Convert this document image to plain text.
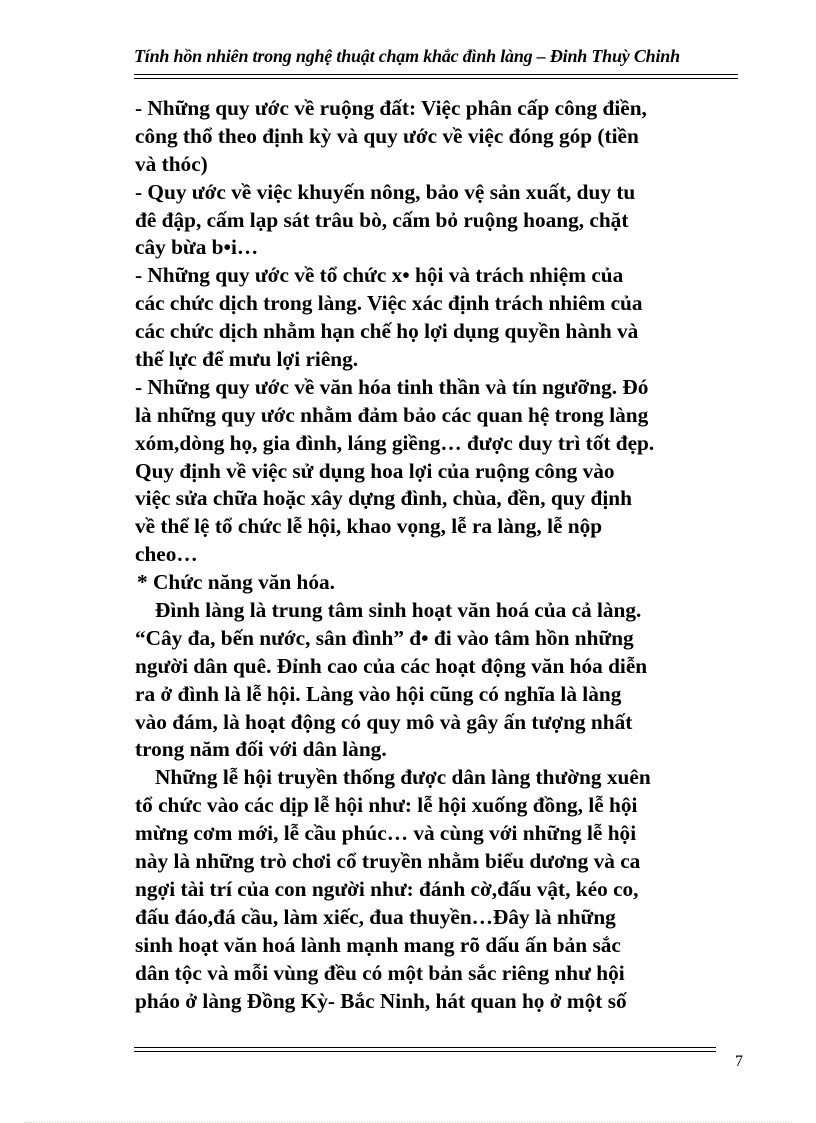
Tính hồn nhiên trong nghệ thuật chạm khắc đình làng – Đinh Thuỳ Chinh
- Những quy ước về ruộng đất: Việc phân cấp công điền,
công thổ theo định kỳ và quy ước về việc đóng góp (tiền
và thóc)
- Quy ước về việc khuyến nông, bảo vệ sản xuất, duy tu
đê đập, cấm lạp sát trâu bò, cấm bỏ ruộng hoang, chặt
cây bừa b•i…
- Những quy ước về tổ chức x• hội và trách nhiệm của
các chức dịch trong làng. Việc xác định trách nhiêm của
các chức dịch nhằm hạn chế họ lợi dụng quyền hành và
thế lực để mưu lợi riêng.
- Những quy ước về văn hóa tinh thần và tín ngưỡng. Đó
là những quy ước nhằm đảm bảo các quan hệ trong làng
xóm,dòng họ, gia đình, láng giềng… được duy trì tốt đẹp.
Quy định về việc sử dụng hoa lợi của ruộng công vào
việc sửa chữa hoặc xây dựng đình, chùa, đền, quy định
về thể lệ tổ chức lễ hội, khao vọng, lễ ra làng, lễ nộp
cheo…
* Chức năng văn hóa.
Đình làng là trung tâm sinh hoạt văn hoá của cả làng.
“Cây đa, bến nước, sân đình” đ• đi vào tâm hồn những
người dân quê. Đỉnh cao của các hoạt động văn hóa diễn
ra ở đình là lễ hội. Làng vào hội cũng có nghĩa là làng
vào đám, là hoạt động có quy mô và gây ấn tượng nhất
trong năm đối với dân làng.
Những lễ hội truyền thống được dân làng thường xuên
tổ chức vào các dịp lễ hội như: lễ hội xuống đồng, lễ hội
mừng cơm mới, lễ cầu phúc… và cùng với những lễ hội
này là những trò chơi cổ truyền nhằm biểu dương và ca
ngợi tài trí của con người như: đánh cờ,đấu vật, kéo co,
đấu đáo,đá cầu, làm xiếc, đua thuyền…Đây là những
sinh hoạt văn hoá lành mạnh mang rõ dấu ấn bản sắc
dân tộc và mỗi vùng đều có một bản sắc riêng như hội
pháo ở làng Đồng Kỳ- Bắc Ninh, hát quan họ ở một số
7
